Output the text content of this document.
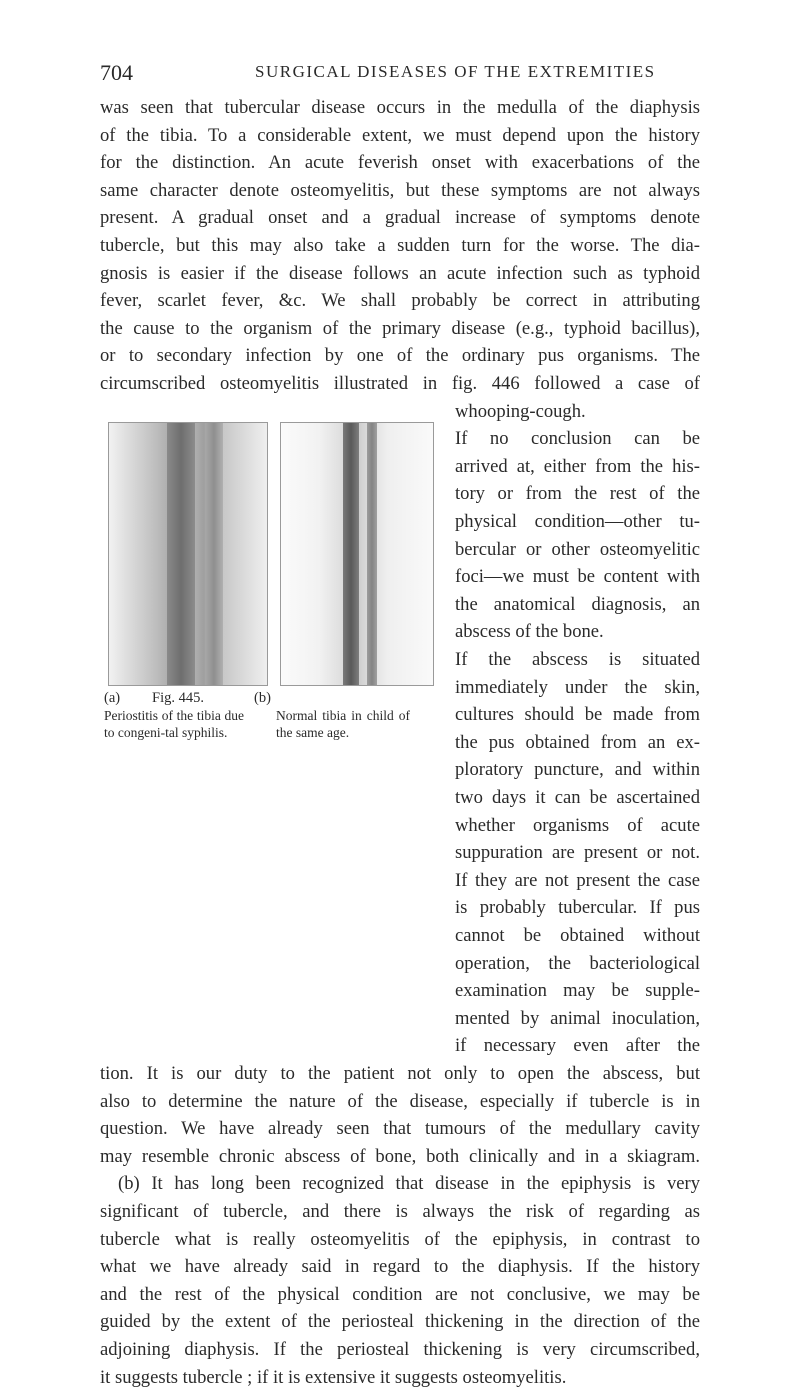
704	SURGICAL DISEASES OF THE EXTREMITIES
was seen that tubercular disease occurs in the medulla of the diaphysis
of the tibia. To a considerable extent, we must depend upon the history
for the distinction. An acute feverish onset with exacerbations of the
same character denote osteomyelitis, but these symptoms are not always
present. A gradual onset and a gradual increase of symptoms denote
tubercle, but this may also take a sudden turn for the worse. The dia-
gnosis is easier if the disease follows an acute infection such as typhoid
fever, scarlet fever, &c. We shall probably be correct in attributing
the cause to the organism of the primary disease (e.g., typhoid bacillus),
or to secondary infection by one of the ordinary pus organisms. The
circumscribed osteomyelitis illustrated in fig. 446 followed a case of
whooping-cough.
If no conclusion can be
arrived at, either from the his-
tory or from the rest of the
physical condition—other tu-
bercular or other osteomyelitic
foci—we must be content with
the anatomical diagnosis, an
abscess of the bone.
If the abscess is situated
immediately under the skin,
cultures should be made from
the pus obtained from an ex-
ploratory puncture, and within
two days it can be ascertained
whether organisms of acute
suppuration are present or not.
If they are not present the case
is probably tubercular. If pus
cannot be obtained without
operation, the bacteriological
examination may be supple-
mented by animal inoculation,
if necessary even after the
tion. It is our duty to the patient not only to open the abscess, but
also to determine the nature of the disease, especially if tubercle is in
question. We have already seen that tumours of the medullary cavity
may resemble chronic abscess of bone, both clinically and in a skiagram.
(b) It has long been recognized that disease in the epiphysis is very
significant of tubercle, and there is always the risk of regarding as
tubercle what is really osteomyelitis of the epiphysis, in contrast to
what we have already said in regard to the diaphysis. If the history
and the rest of the physical condition are not conclusive, we may be
guided by the extent of the periosteal thickening in the direction of the
adjoining diaphysis. If the periosteal thickening is very circumscribed,
it suggests tubercle ; if it is extensive it suggests osteomyelitis.
(a) Fig. 445.	(b)
Periostitis of the tibia due to congeni-tal syphilis.
Normal tibia in child of the same age.
